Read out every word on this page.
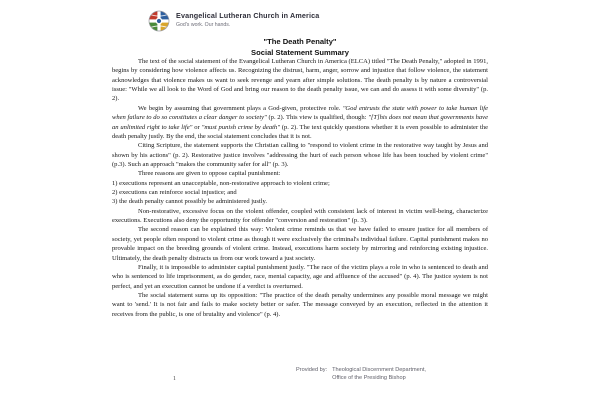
Evangelical Lutheran Church in America
God's work. Our hands.
"The Death Penalty"
Social Statement Summary

The text of the social statement of the Evangelical Lutheran Church in America (ELCA) titled "The Death Penalty," adopted in 1991, begins by considering how violence affects us. Recognizing the distrust, harm, anger, sorrow and injustice that follow violence, the statement acknowledges that violence makes us want to seek revenge and yearn after simple solutions. The death penalty is by nature a controversial issue: "While we all look to the Word of God and bring our reason to the death penalty issue, we can and do assess it with some diversity" (p. 2).

We begin by assuming that government plays a God-given, protective role. "God entrusts the state with power to take human life when failure to do so constitutes a clear danger to society" (p. 2). This view is qualified, though: "[T]his does not mean that governments have an unlimited right to take life" or "must punish crime by death" (p. 2). The text quickly questions whether it is even possible to administer the death penalty justly. By the end, the social statement concludes that it is not.

Citing Scripture, the statement supports the Christian calling to "respond to violent crime in the restorative way taught by Jesus and shown by his actions" (p. 2). Restorative justice involves "addressing the hurt of each person whose life has been touched by violent crime" (p.3). Such an approach "makes the community safer for all" (p. 3).

Three reasons are given to oppose capital punishment:

1) executions represent an unacceptable, non-restorative approach to violent crime;

2) executions can reinforce social injustice; and

3) the death penalty cannot possibly be administered justly.

Non-restorative, excessive focus on the violent offender, coupled with consistent lack of interest in victim well-being, characterize executions. Executions also deny the opportunity for offender "conversion and restoration" (p. 3).

The second reason can be explained this way: Violent crime reminds us that we have failed to ensure justice for all members of society, yet people often respond to violent crime as though it were exclusively the criminal's individual failure. Capital punishment makes no provable impact on the breeding grounds of violent crime. Instead, executions harm society by mirroring and reinforcing existing injustice. Ultimately, the death penalty distracts us from our work toward a just society.

Finally, it is impossible to administer capital punishment justly. "The race of the victim plays a role in who is sentenced to death and who is sentenced to life imprisonment, as do gender, race, mental capacity, age and affluence of the accused" (p. 4). The justice system is not perfect, and yet an execution cannot be undone if a verdict is overturned.

The social statement sums up its opposition: "The practice of the death penalty undermines any possible moral message we might want to 'send.' It is not fair and fails to make society better or safer. The message conveyed by an execution, reflected in the attention it receives from the public, is one of brutality and violence" (p. 4).

1
Provided by: Theological Discernment Department,
Office of the Presiding Bishop
